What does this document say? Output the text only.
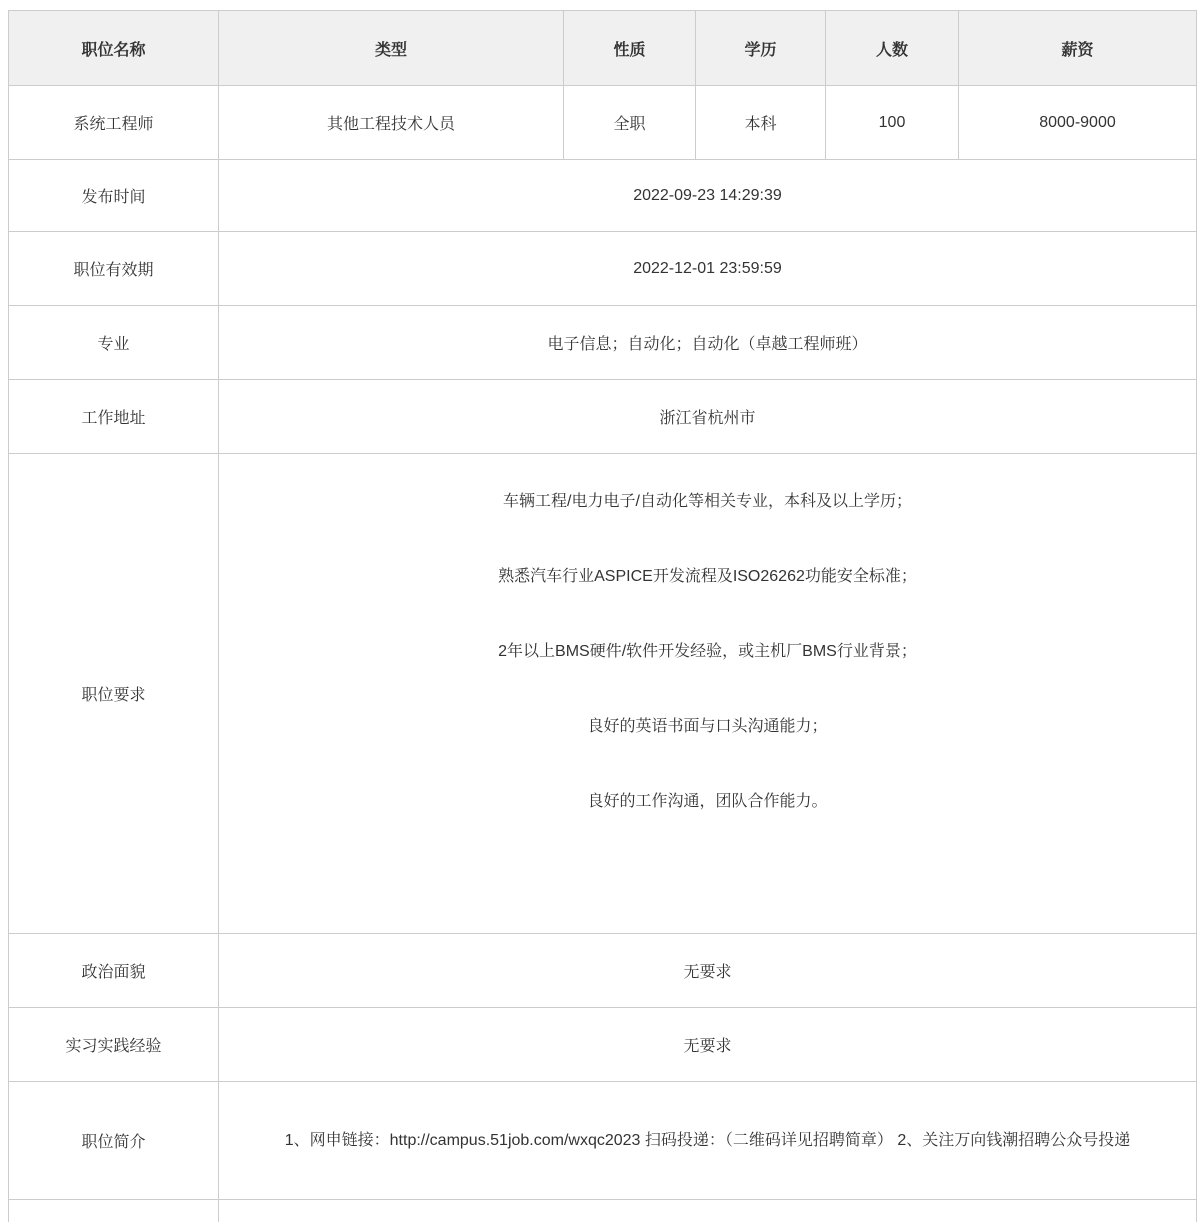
职位名称	类型	性质	学历	人数	薪资
系统工程师	其他工程技术人员	全职	本科	100	8000-9000
发布时间	2022-09-23 14:29:39				
职位有效期	2022-12-01 23:59:59				
专业	电子信息；自动化；自动化（卓越工程师班）				
工作地址	浙江省杭州市				
职位要求	车辆工程/电力电子/自动化等相关专业，本科及以上学历；

熟悉汽车行业ASPICE开发流程及ISO26262功能安全标准；

2年以上BMS硬件/软件开发经验，或主机厂BMS行业背景；

良好的英语书面与口头沟通能力；

良好的工作沟通，团队合作能力。				

政治面貌	无要求				
实习实践经验	无要求				
职位简介	1、网申链接：http://campus.51job.com/wxqc2023 扫码投递：（二维码详见招聘简章） 2、关注万向钱潮招聘公众号投递				
